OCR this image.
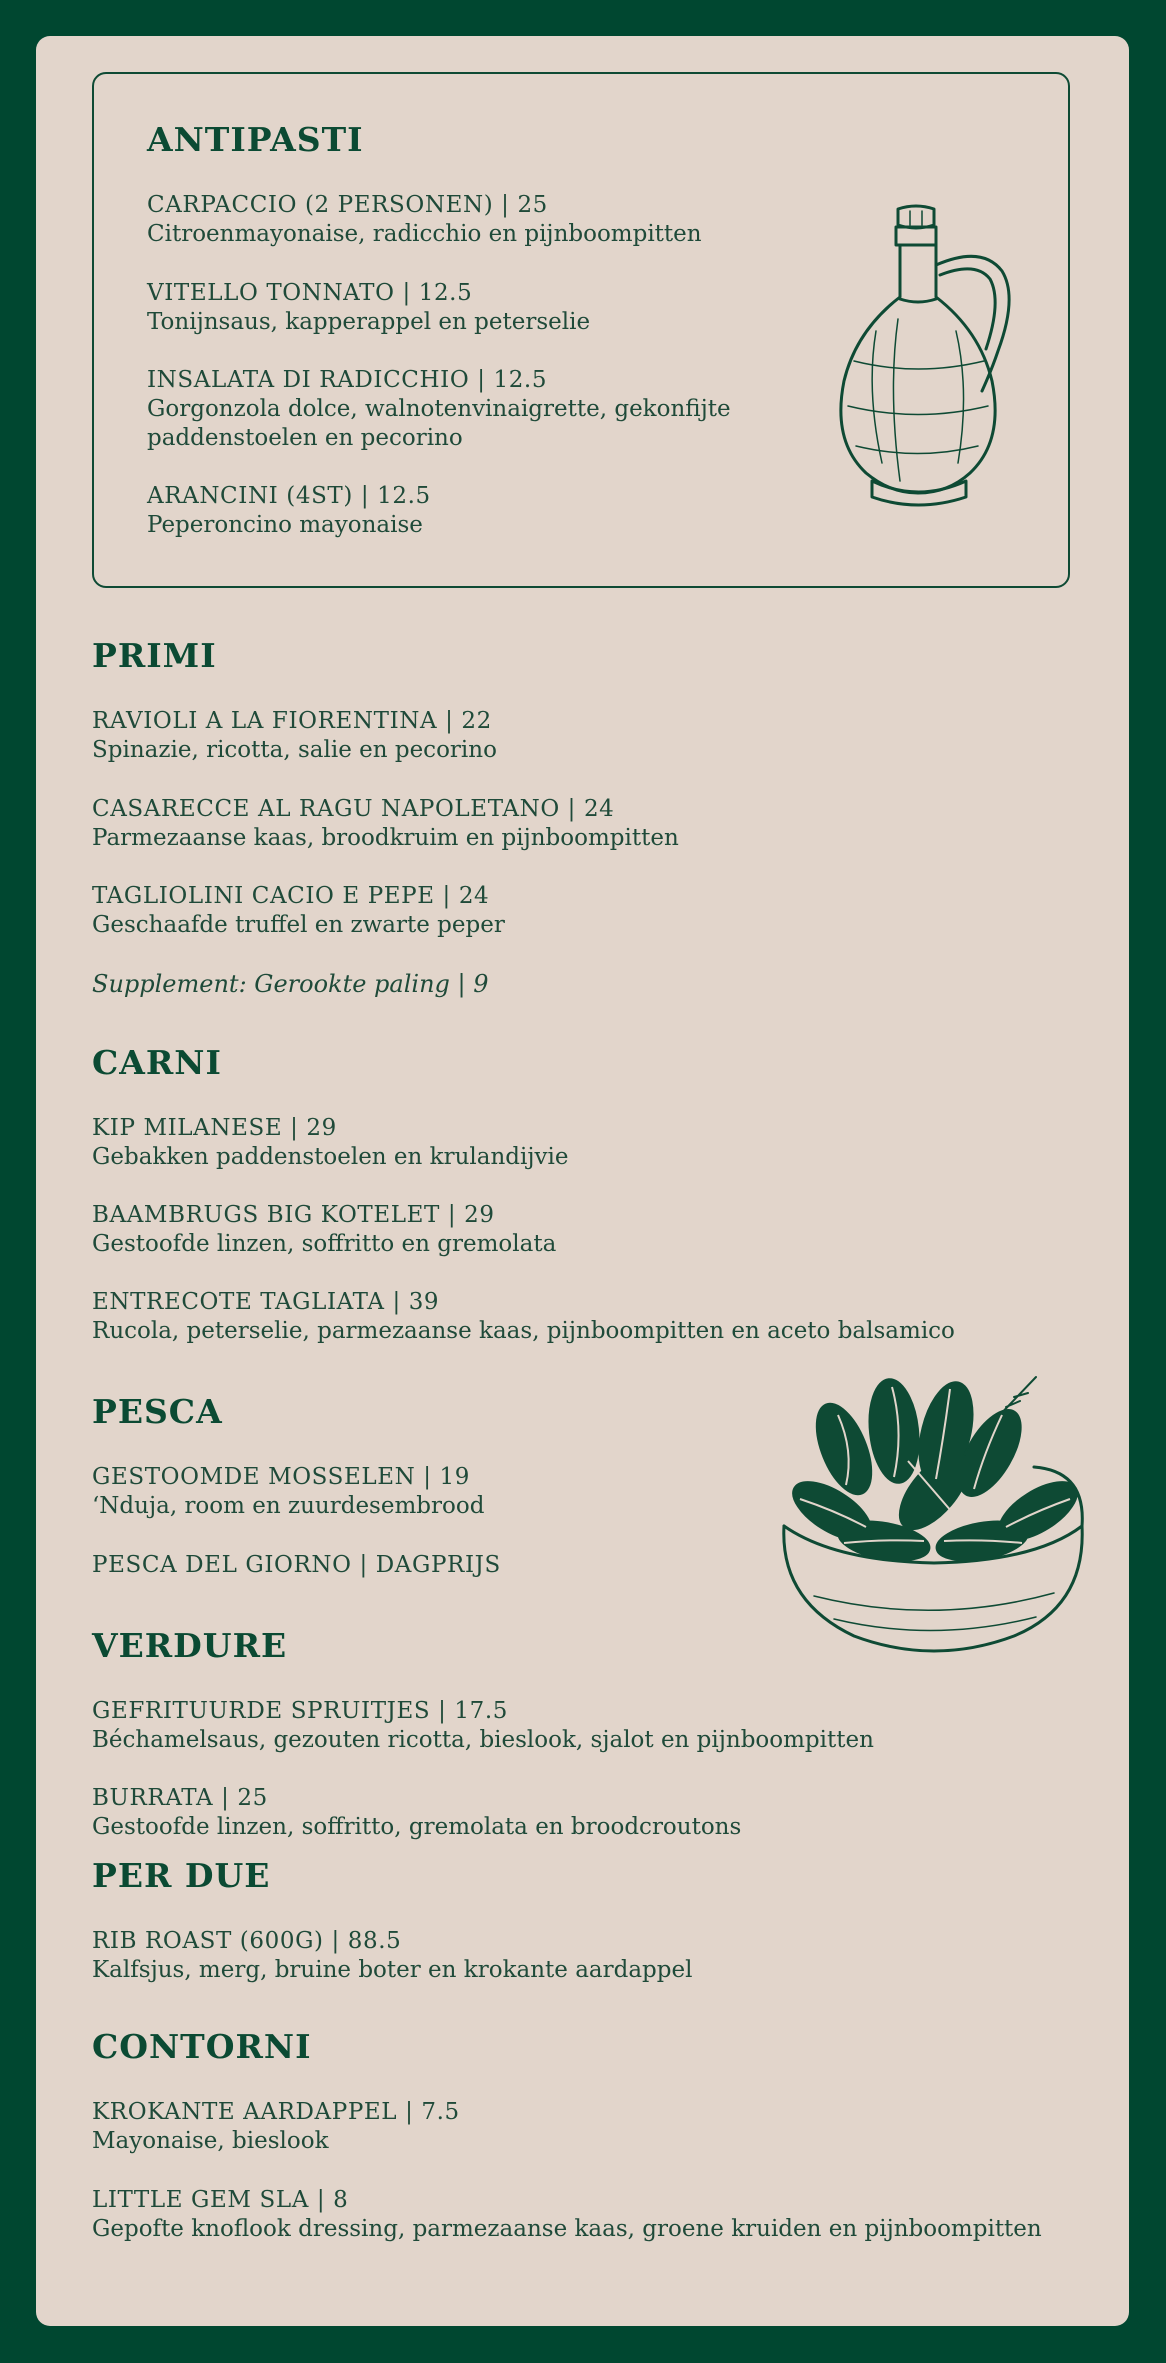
ANTIPASTI
CARPACCIO (2 PERSONEN) | 25
Citroenmayonaise, radicchio en pijnboompitten
VITELLO TONNATO | 12.5
Tonijnsaus, kapperappel en peterselie
INSALATA DI RADICCHIO | 12.5
Gorgonzola dolce, walnotenvinaigrette, gekonfijte
paddenstoelen en pecorino
ARANCINI (4ST) | 12.5
Peperoncino mayonaise
PRIMI
RAVIOLI A LA FIORENTINA | 22
Spinazie, ricotta, salie en pecorino
CASARECCE AL RAGU NAPOLETANO | 24
Parmezaanse kaas, broodkruim en pijnboompitten
TAGLIOLINI CACIO E PEPE | 24
Geschaafde truffel en zwarte peper
Supplement: Gerookte paling | 9
CARNI
KIP MILANESE | 29
Gebakken paddenstoelen en krulandijvie
BAAMBRUGS BIG KOTELET | 29
Gestoofde linzen, soffritto en gremolata
ENTRECOTE TAGLIATA | 39
Rucola, peterselie, parmezaanse kaas, pijnboompitten en aceto balsamico
PESCA
GESTOOMDE MOSSELEN | 19
‘Nduja, room en zuurdesembrood
PESCA DEL GIORNO | DAGPRIJS
VERDURE
GEFRITUURDE SPRUITJES | 17.5
Béchamelsaus, gezouten ricotta, bieslook, sjalot en pijnboompitten
BURRATA | 25
Gestoofde linzen, soffritto, gremolata en broodcroutons
PER DUE
RIB ROAST (600G) | 88.5
Kalfsjus, merg, bruine boter en krokante aardappel
CONTORNI
KROKANTE AARDAPPEL | 7.5
Mayonaise, bieslook
LITTLE GEM SLA | 8
Gepofte knoflook dressing, parmezaanse kaas, groene kruiden en pijnboompitten
